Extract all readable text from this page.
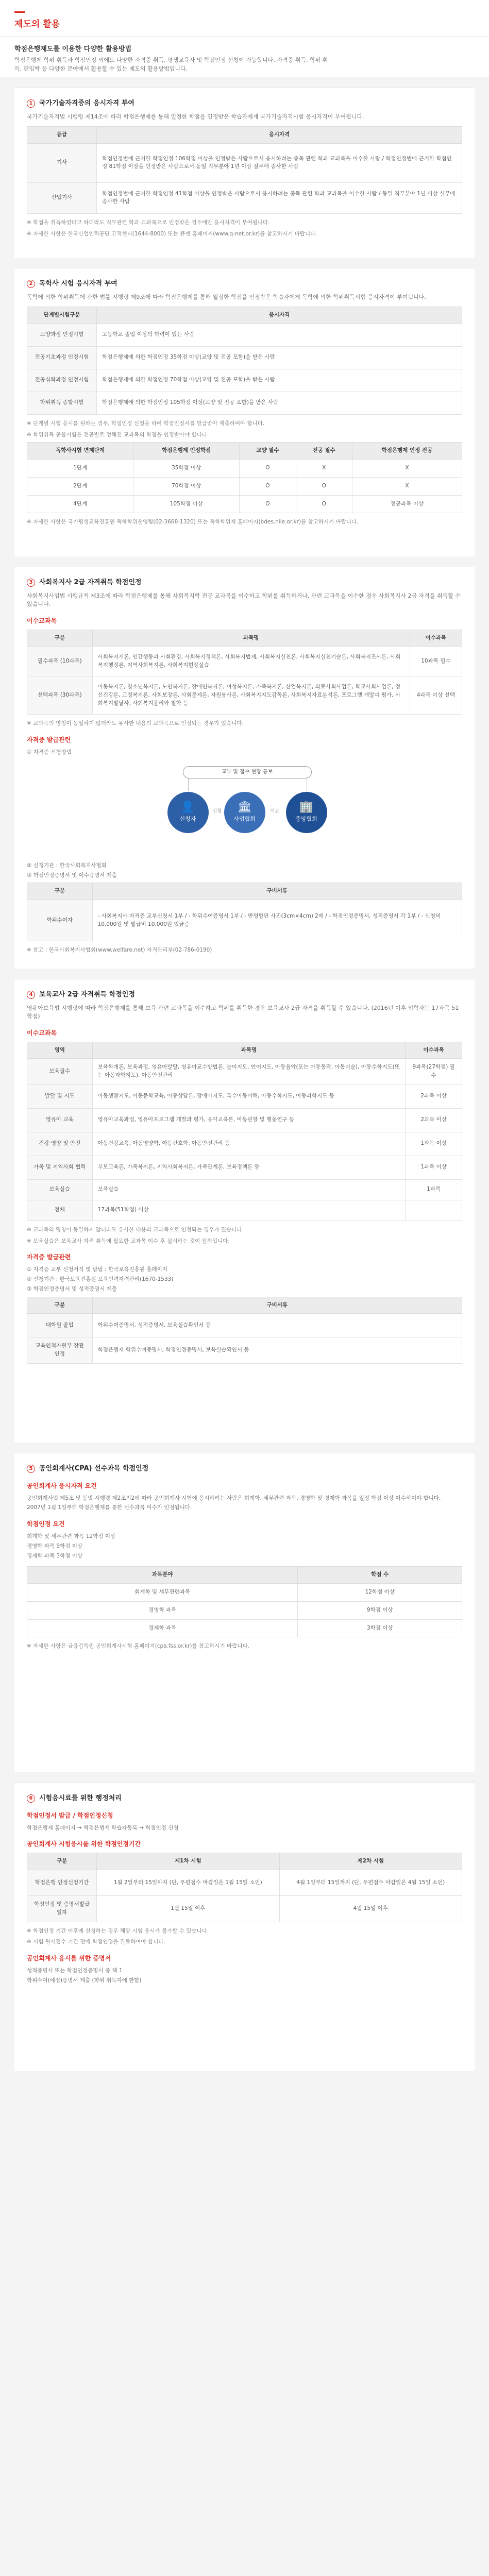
제도의 활용
학점은행제도를 이용한 다양한 활용방법
학점은행제 학위 취득과 학점인정 외에도 다양한 자격증 취득, 평생교육사 및 학점인정 신청이 가능합니다. 자격증 취득, 학위 취득, 편입학 등 다양한 분야에서 활용할 수 있는 제도의 활용방법입니다.
1 국가기술자격증의 응시자격 부여
국가기술자격법 시행령 제14조에 따라 학점은행제를 통해 일정한 학점을 인정받은 학습자에게 국가기술자격시험 응시자격이 부여됩니다.
등급	응시자격
기사	학점인정법에 근거한 학점인정 106학점 이상을 인정받은 사람으로서 응시하려는 종목 관련 학과 교과목을 이수한 사람 / 학점인정법에 근거한 학점인정 81학점 이상을 인정받은 사람으로서 동일 직무분야 1년 이상 실무에 종사한 사람
산업기사	학점인정법에 근거한 학점인정 41학점 이상을 인정받은 사람으로서 응시하려는 종목 관련 학과 교과목을 이수한 사람 / 동일 직무분야 1년 이상 실무에 종사한 사람
※ 학점을 취득하였다고 하더라도 직무관련 학과 교과목으로 인정받은 경우에만 응시자격이 부여됩니다.
※ 자세한 사항은 한국산업인력공단 고객센터(1644-8000) 또는 큐넷 홈페이지(www.q-net.or.kr)를 참고하시기 바랍니다.
2 독학사 시험 응시자격 부여
독학에 의한 학위취득에 관한 법률 시행령 제9조에 따라 학점은행제를 통해 일정한 학점을 인정받은 학습자에게 독학에 의한 학위취득시험 응시자격이 부여됩니다.
단계별시험구분	응시자격
교양과정 인정시험	고등학교 졸업 이상의 학력이 있는 사람
전공기초과정 인정시험	학점은행제에 의한 학점인정 35학점 이상(교양 및 전공 포함)을 받은 사람
전공심화과정 인정시험	학점은행제에 의한 학점인정 70학점 이상(교양 및 전공 포함)을 받은 사람
학위취득 종합시험	학점은행제에 의한 학점인정 105학점 이상(교양 및 전공 포함)을 받은 사람
※ 단계별 시험 응시를 원하는 경우, 학점인정 신청을 하여 학점인정서를 발급받아 제출하여야 합니다.
※ 학위취득 종합시험은 전공별로 정해진 교과목의 학점을 인정받아야 합니다.
독학사시험 면제단계	학점은행제 인정학점	교양 필수	전공 필수	학점은행제 인정 전공
1단계	35학점 이상	O	X	X
2단계	70학점 이상	O	O	X
4단계	105학점 이상	O	O	전공과목 이상
※ 자세한 사항은 국가평생교육진흥원 독학학위운영팀(02-3668-1320) 또는 독학학위제 홈페이지(bdes.nile.or.kr)를 참고하시기 바랍니다.
3 사회복지사 2급 자격취득 학점인정
사회복지사업법 시행규칙 제3조에 따라 학점은행제를 통해 사회복지학 전공 교과목을 이수하고 학위를 취득하거나, 관련 교과목을 이수한 경우 사회복지사 2급 자격을 취득할 수 있습니다.
이수교과목
구분	과목명	이수과목
필수과목 (10과목)	사회복지개론, 인간행동과 사회환경, 사회복지정책론, 사회복지법제, 사회복지실천론, 사회복지실천기술론, 사회복지조사론, 사회복지행정론, 지역사회복지론, 사회복지현장실습	10과목 필수
선택과목 (30과목)	아동복지론, 청소년복지론, 노인복지론, 장애인복지론, 여성복지론, 가족복지론, 산업복지론, 의료사회사업론, 학교사회사업론, 정신건강론, 교정복지론, 사회보장론, 사회문제론, 자원봉사론, 사회복지지도감독론, 사회복지자료분석론, 프로그램 개발과 평가, 사회복지발달사, 사회복지윤리와 철학 등	4과목 이상 선택
※ 교과목의 명칭이 동일하지 않더라도 유사한 내용의 교과목으로 인정되는 경우가 있습니다.
자격증 발급관련
① 자격증 신청방법
교부 및 접수 현황 통보
👤
신청자
신청 🏛
사업협회
이관 🏢
중앙협회
② 신청기관 : 한국사회복지사협회
③ 학점인정증명서 및 이수증명서 제출
구분	구비서류
학위수여자	- 사회복지사 자격증 교부신청서 1부 / - 학위수여증명서 1부 / - 반명함판 사진(3cm×4cm) 2매 / - 학점인정증명서, 성적증명서 각 1부 / - 신청비 10,000원 및 발급비 10,000원 입금증
※ 참고 : 한국사회복지사협회(www.welfare.net) 자격관리부(02-786-0190)
4 보육교사 2급 자격취득 학점인정
영유아보육법 시행령에 따라 학점은행제를 통해 보육 관련 교과목을 이수하고 학위를 취득한 경우 보육교사 2급 자격을 취득할 수 있습니다. (2016년 이후 입학자는 17과목 51학점)
이수교과목
영역	과목명	이수과목
보육필수	보육학개론, 보육과정, 영유아발달, 영유아교수방법론, 놀이지도, 언어지도, 아동음악(또는 아동동작, 아동미술), 아동수학지도(또는 아동과학지도), 아동안전관리	9과목(27학점) 필수
발달 및 지도	아동생활지도, 아동문학교육, 아동상담론, 장애아지도, 특수아동이해, 아동수학지도, 아동과학지도 등	2과목 이상
영유아 교육	영유아교육과정, 영유아프로그램 개발과 평가, 유아교육론, 아동관찰 및 행동연구 등	2과목 이상
건강·영양 및 안전	아동건강교육, 아동영양학, 아동간호학, 아동안전관리 등	1과목 이상
가족 및 지역사회 협력	부모교육론, 가족복지론, 지역사회복지론, 가족관계론, 보육정책론 등	1과목 이상
보육실습	보육실습	1과목
전체	17과목(51학점) 이상	
※ 교과목의 명칭이 동일하지 않더라도 유사한 내용의 교과목으로 인정되는 경우가 있습니다.
※ 보육실습은 보육교사 자격 취득에 필요한 교과목 이수 후 실시하는 것이 원칙입니다.
자격증 발급관련
① 자격증 교부 신청서식 및 방법 : 한국보육진흥원 홈페이지
② 신청기관 : 한국보육진흥원 보육인력자격관리(1670-1533)
③ 학점인정증명서 및 성적증명서 제출
구분	구비서류
대학원 졸업	학위수여증명서, 성적증명서, 보육실습확인서 등
교육인적자원부 장관 인정	학점은행제 학위수여증명서, 학점인정증명서, 보육실습확인서 등
5 공인회계사(CPA) 선수과목 학점인정
공인회계사 응시자격 요건
공인회계사법 제5조 및 동법 시행령 제2조의2에 따라 공인회계사 시험에 응시하려는 사람은 회계학, 세무관련 과목, 경영학 및 경제학 과목을 일정 학점 이상 이수하여야 합니다.
2007년 1월 1일부터 학점은행제를 통한 선수과목 이수가 인정됩니다.
학점인정 요건
회계학 및 세무관련 과목 12학점 이상
경영학 과목 9학점 이상
경제학 과목 3학점 이상
과목분야	학점 수
회계학 및 세무관련과목	12학점 이상
경영학 과목	9학점 이상
경제학 과목	3학점 이상
※ 자세한 사항은 금융감독원 공인회계사시험 홈페이지(cpa.fss.or.kr)를 참고하시기 바랍니다.
6 시험응시료를 위한 행정처리
학점인정서 발급 / 학점인정신청
학점은행제 홈페이지 → 학점은행제 학습자등록 → 학점인정 신청
공인회계사 시험응시를 위한 학점인정기간
구분	제1차 시험	제2차 시험
학점은행 인정신청기간	1월 2일부터 15일까지 (단, 우편접수 마감일은 1월 15일 소인)	4월 1일부터 15일까지 (단, 우편접수 마감일은 4월 15일 소인)
학점인정 및 증명서발급일자	1월 15일 이후	4월 15일 이후
※ 학점인정 기간 이후에 신청하는 경우 해당 시험 응시가 불가할 수 있습니다.
※ 시험 원서접수 기간 전에 학점인정을 완료하여야 합니다.
공인회계사 응시를 위한 증명서
성적증명서 또는 학점인정증명서 중 택 1
학위수여(예정)증명서 제출 (학위 취득자에 한함)
